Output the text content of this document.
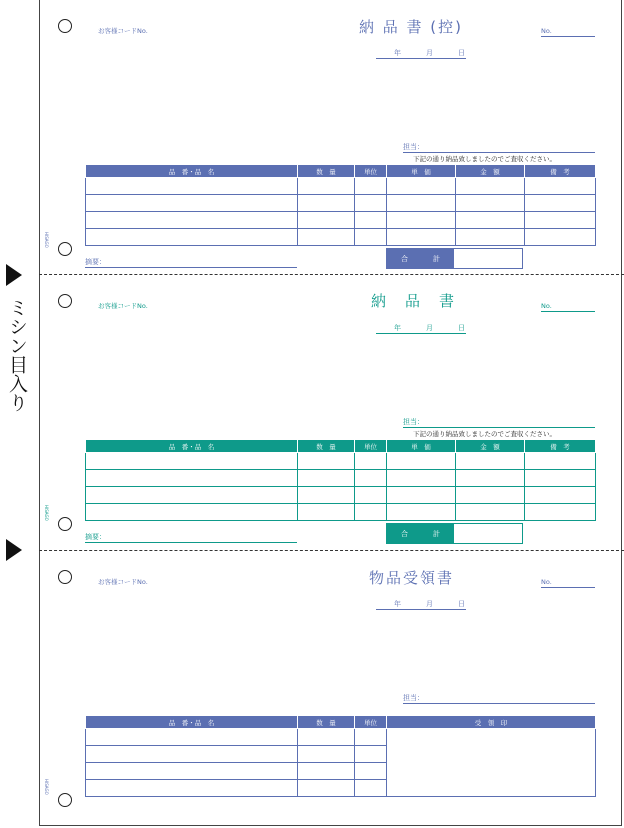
ミシン目入り
HISAGO
お客様コードNo.	納 品 書 (控)	No.
年	月	日
担当：
下記の通り納品致しましたのでご査収ください。
品　番・品　名	数　量	単位	単　価	金　額	備　考

摘要：	合	計
HISAGO
お客様コードNo.	納　品　書	No.
年	月	日
担当：
下記の通り納品致しましたのでご査収ください。
品　番・品　名	数　量	単位	単　価	金　額	備　考

摘要：	合	計
HISAGO
お客様コードNo.	物品受領書	No.
年	月	日
担当：
品　番・品　名	数　量	単位	受　領　印
